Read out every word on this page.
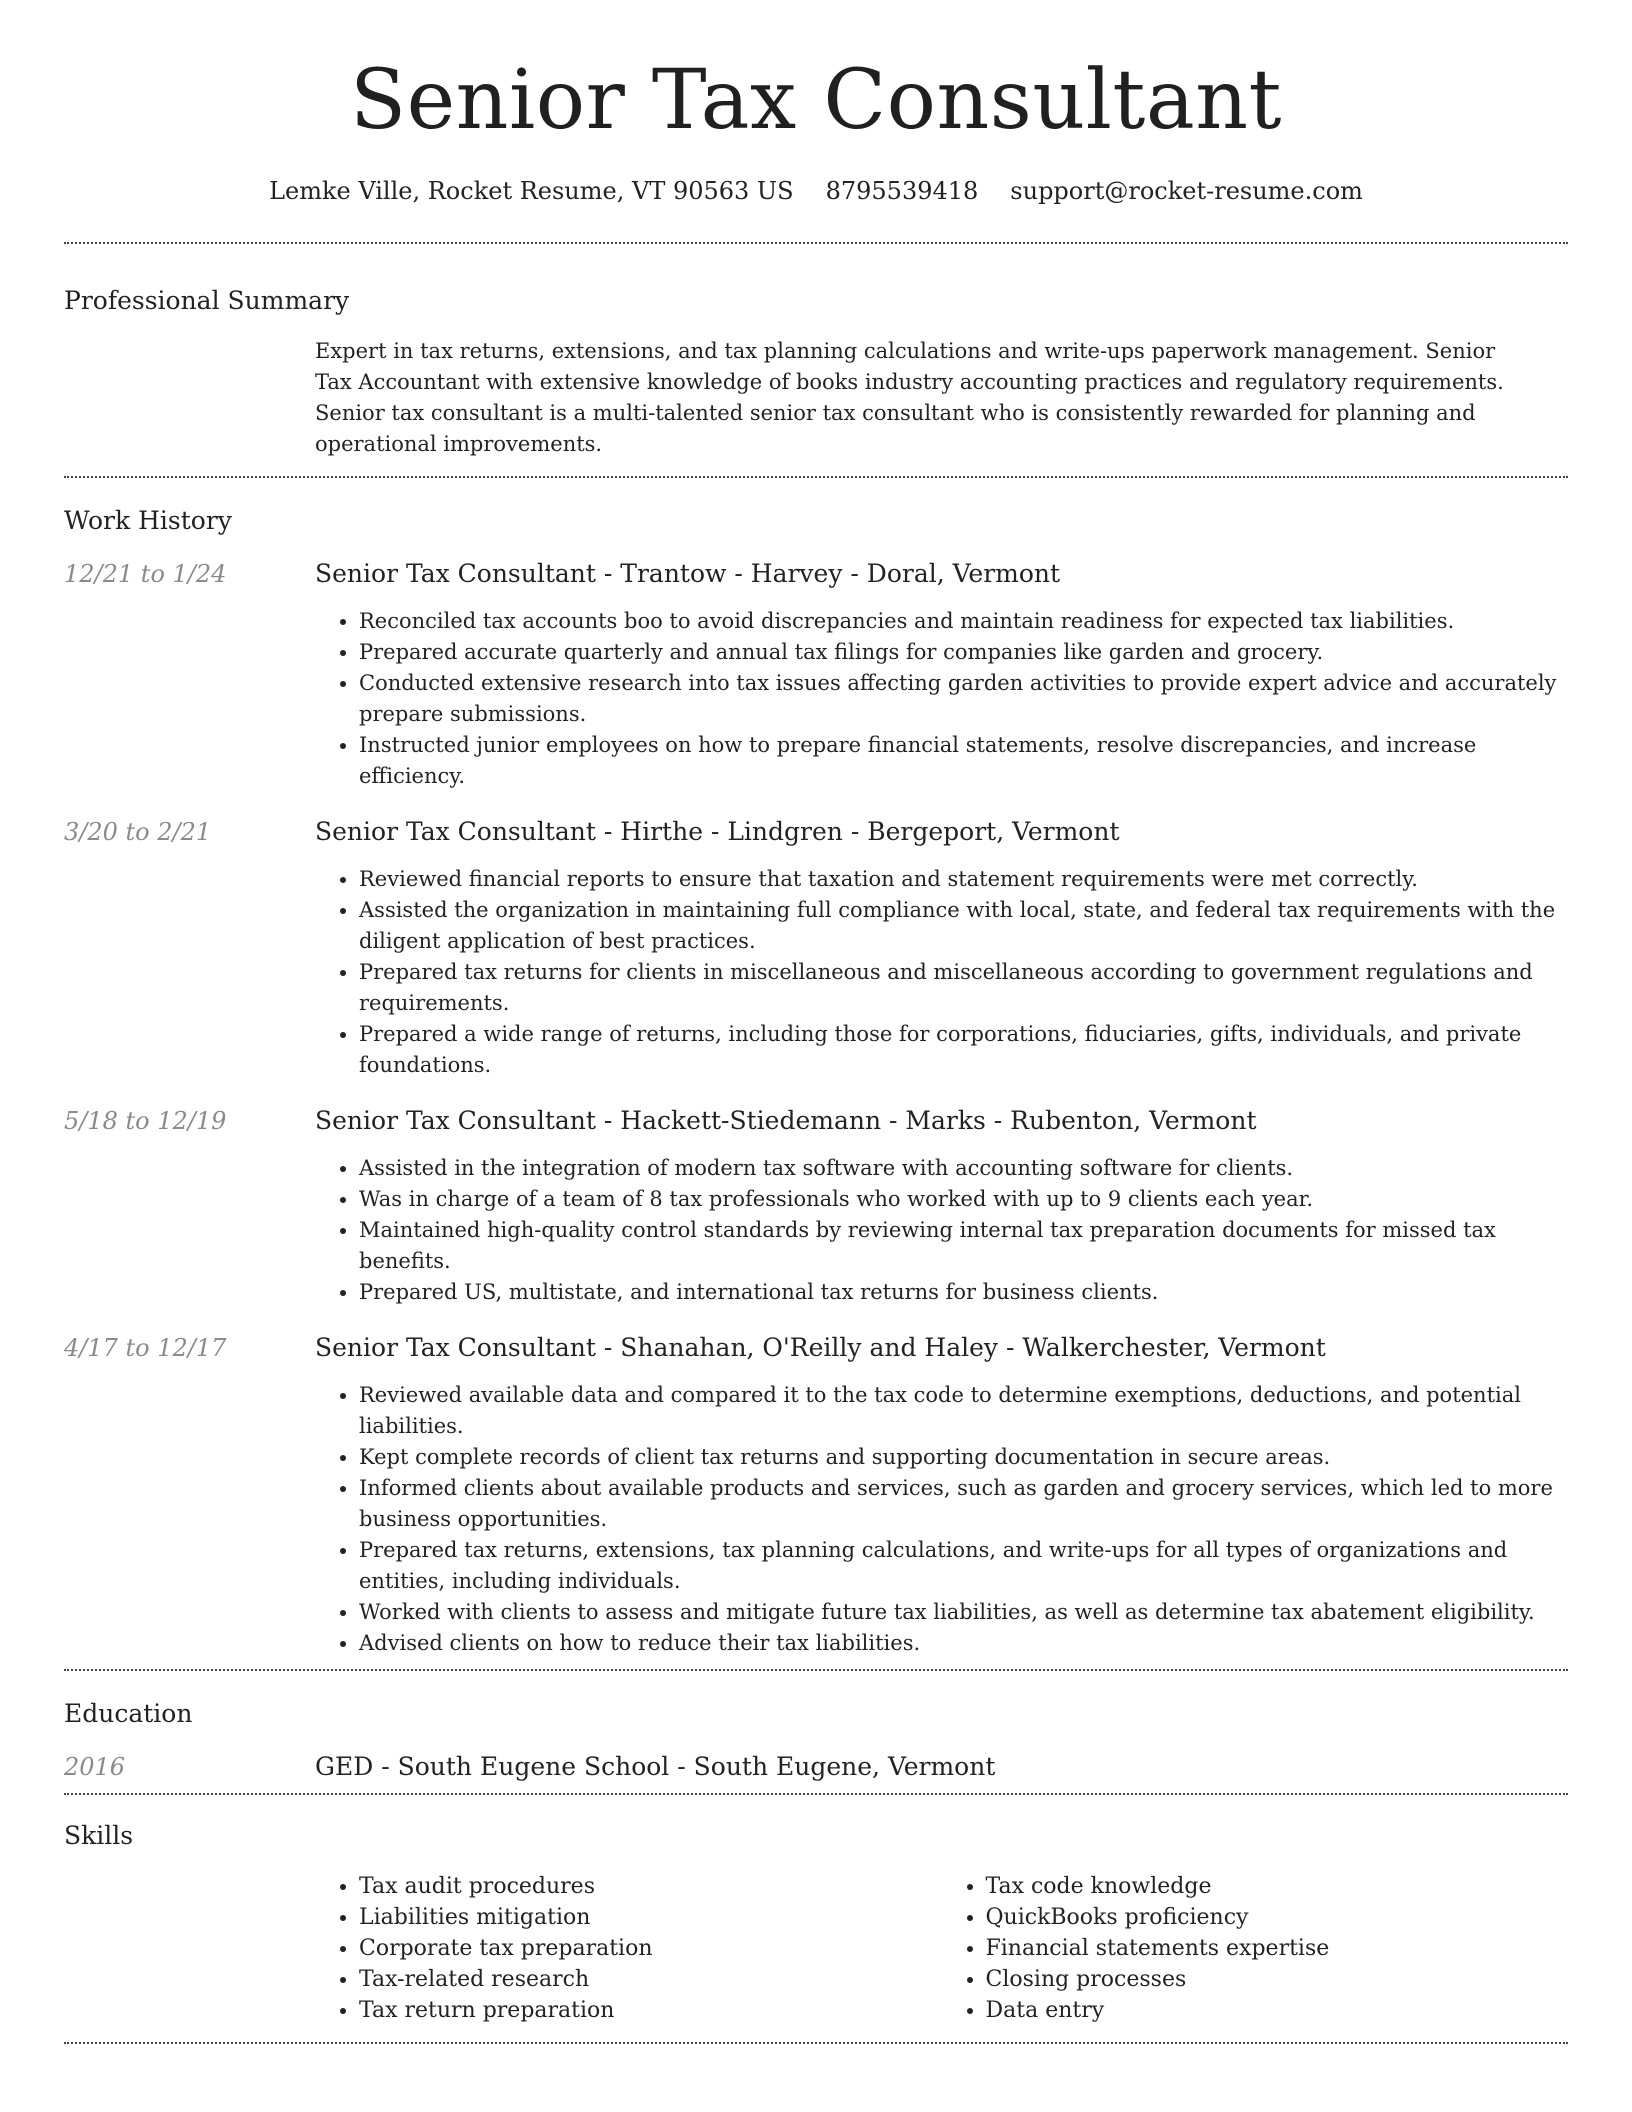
Senior Tax Consultant
Lemke Ville, Rocket Resume, VT 90563 US 8795539418 support@rocket-resume.com
Professional Summary
Expert in tax returns, extensions, and tax planning calculations and write-ups paperwork management. Senior Tax Accountant with extensive knowledge of books industry accounting practices and regulatory requirements. Senior tax consultant is a multi-talented senior tax consultant who is consistently rewarded for planning and operational improvements.
Work History
12/21 to 1/24	Senior Tax Consultant - Trantow - Harvey - Doral, Vermont
• Reconciled tax accounts boo to avoid discrepancies and maintain readiness for expected tax liabilities.
• Prepared accurate quarterly and annual tax filings for companies like garden and grocery.
• Conducted extensive research into tax issues affecting garden activities to provide expert advice and accurately prepare submissions.
• Instructed junior employees on how to prepare financial statements, resolve discrepancies, and increase efficiency.
3/20 to 2/21	Senior Tax Consultant - Hirthe - Lindgren - Bergeport, Vermont
• Reviewed financial reports to ensure that taxation and statement requirements were met correctly.
• Assisted the organization in maintaining full compliance with local, state, and federal tax requirements with the diligent application of best practices.
• Prepared tax returns for clients in miscellaneous and miscellaneous according to government regulations and requirements.
• Prepared a wide range of returns, including those for corporations, fiduciaries, gifts, individuals, and private foundations.
5/18 to 12/19	Senior Tax Consultant - Hackett-Stiedemann - Marks - Rubenton, Vermont
• Assisted in the integration of modern tax software with accounting software for clients.
• Was in charge of a team of 8 tax professionals who worked with up to 9 clients each year.
• Maintained high-quality control standards by reviewing internal tax preparation documents for missed tax benefits.
• Prepared US, multistate, and international tax returns for business clients.
4/17 to 12/17	Senior Tax Consultant - Shanahan, O'Reilly and Haley - Walkerchester, Vermont
• Reviewed available data and compared it to the tax code to determine exemptions, deductions, and potential liabilities.
• Kept complete records of client tax returns and supporting documentation in secure areas.
• Informed clients about available products and services, such as garden and grocery services, which led to more business opportunities.
• Prepared tax returns, extensions, tax planning calculations, and write-ups for all types of organizations and entities, including individuals.
• Worked with clients to assess and mitigate future tax liabilities, as well as determine tax abatement eligibility.
• Advised clients on how to reduce their tax liabilities.
Education
2016	GED - South Eugene School - South Eugene, Vermont
Skills
• Tax audit procedures
• Liabilities mitigation
• Corporate tax preparation
• Tax-related research
• Tax return preparation
• Tax code knowledge
• QuickBooks proficiency
• Financial statements expertise
• Closing processes
• Data entry
